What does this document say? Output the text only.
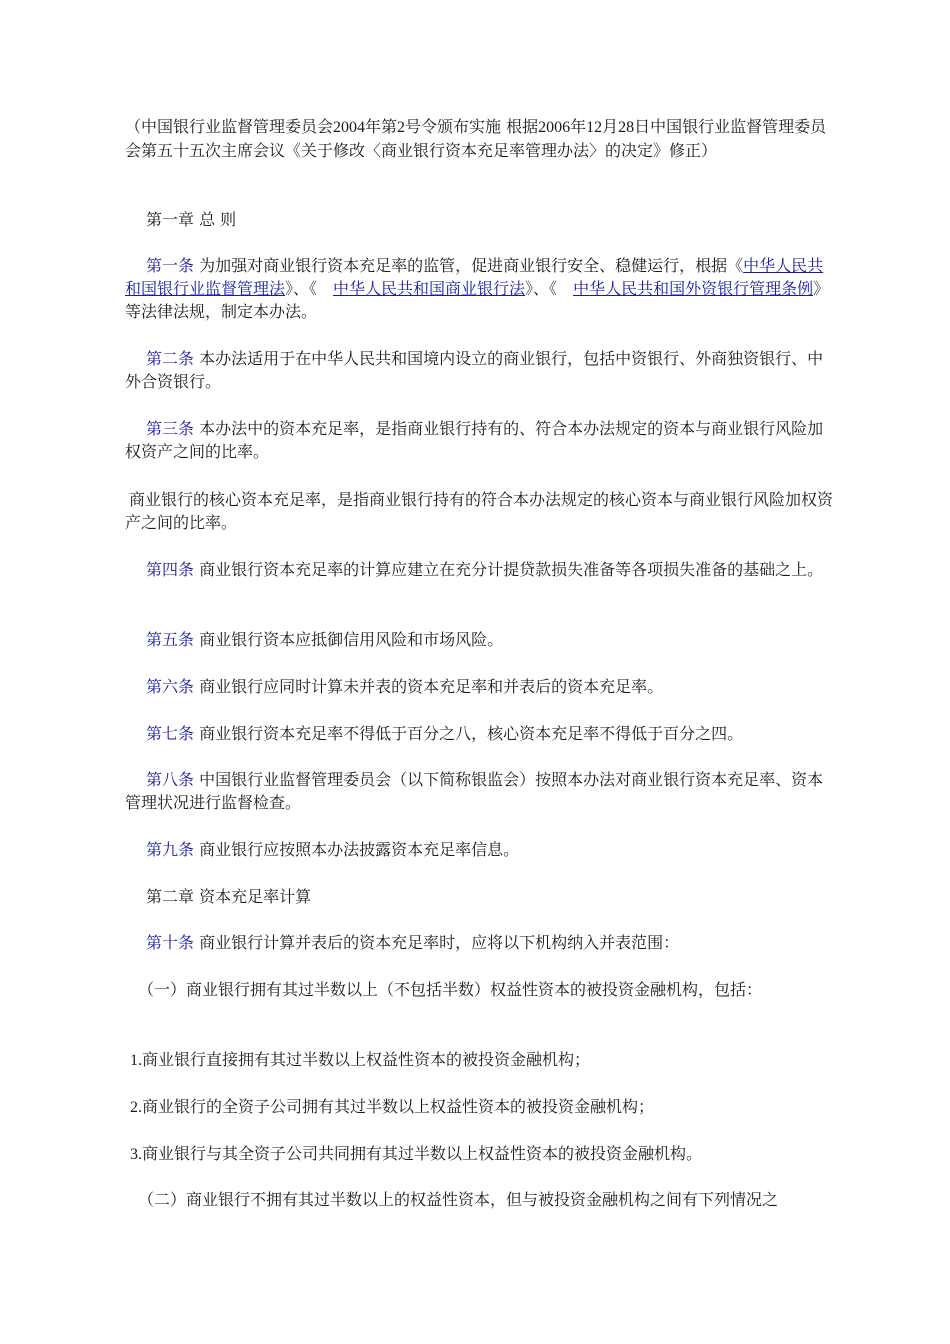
（中国银行业监督管理委员会2004年第2号令颁布实施 根据2006年12月28日中国银行业监督管理委员会第五十五次主席会议《关于修改〈商业银行资本充足率管理办法〉的决定》修正）

第一章 总 则

第一条 为加强对商业银行资本充足率的监管，促进商业银行安全、稳健运行，根据《中华人民共和国银行业监督管理法》、《　中华人民共和国商业银行法》、《　中华人民共和国外资银行管理条例》等法律法规，制定本办法。

第二条 本办法适用于在中华人民共和国境内设立的商业银行，包括中资银行、外商独资银行、中外合资银行。

第三条 本办法中的资本充足率，是指商业银行持有的、符合本办法规定的资本与商业银行风险加权资产之间的比率。

商业银行的核心资本充足率，是指商业银行持有的符合本办法规定的核心资本与商业银行风险加权资产之间的比率。

第四条 商业银行资本充足率的计算应建立在充分计提贷款损失准备等各项损失准备的基础之上。

第五条 商业银行资本应抵御信用风险和市场风险。

第六条 商业银行应同时计算未并表的资本充足率和并表后的资本充足率。

第七条 商业银行资本充足率不得低于百分之八，核心资本充足率不得低于百分之四。

第八条 中国银行业监督管理委员会（以下简称银监会）按照本办法对商业银行资本充足率、资本管理状况进行监督检查。

第九条 商业银行应按照本办法披露资本充足率信息。

第二章 资本充足率计算

第十条 商业银行计算并表后的资本充足率时，应将以下机构纳入并表范围：

（一）商业银行拥有其过半数以上（不包括半数）权益性资本的被投资金融机构，包括：

1.商业银行直接拥有其过半数以上权益性资本的被投资金融机构；

2.商业银行的全资子公司拥有其过半数以上权益性资本的被投资金融机构；

3.商业银行与其全资子公司共同拥有其过半数以上权益性资本的被投资金融机构。

（二）商业银行不拥有其过半数以上的权益性资本，但与被投资金融机构之间有下列情况之
